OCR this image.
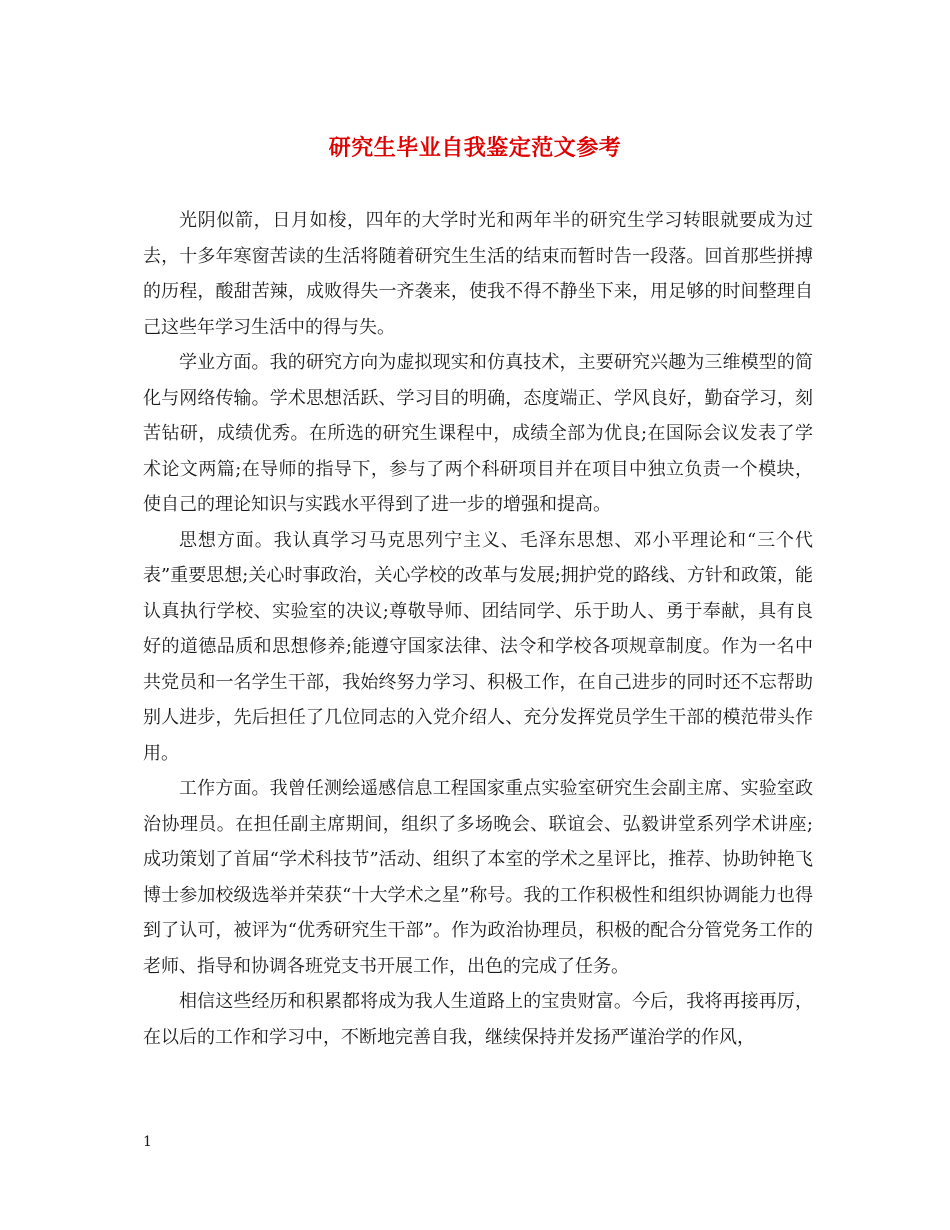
研究生毕业自我鉴定范文参考

光阴似箭，日月如梭，四年的大学时光和两年半的研究生学习转眼就要成为过去，十多年寒窗苦读的生活将随着研究生生活的结束而暂时告一段落。回首那些拼搏的历程，酸甜苦辣，成败得失一齐袭来，使我不得不静坐下来，用足够的时间整理自己这些年学习生活中的得与失。

学业方面。我的研究方向为虚拟现实和仿真技术，主要研究兴趣为三维模型的简化与网络传输。学术思想活跃、学习目的明确，态度端正、学风良好，勤奋学习，刻苦钻研，成绩优秀。在所选的研究生课程中，成绩全部为优良;在国际会议发表了学术论文两篇;在导师的指导下，参与了两个科研项目并在项目中独立负责一个模块，使自己的理论知识与实践水平得到了进一步的增强和提高。

思想方面。我认真学习马克思列宁主义、毛泽东思想、邓小平理论和“三个代表”重要思想;关心时事政治，关心学校的改革与发展;拥护党的路线、方针和政策，能认真执行学校、实验室的决议;尊敬导师、团结同学、乐于助人、勇于奉献，具有良好的道德品质和思想修养;能遵守国家法律、法令和学校各项规章制度。作为一名中共党员和一名学生干部，我始终努力学习、积极工作，在自己进步的同时还不忘帮助别人进步，先后担任了几位同志的入党介绍人、充分发挥党员学生干部的模范带头作用。

工作方面。我曾任测绘遥感信息工程国家重点实验室研究生会副主席、实验室政治协理员。在担任副主席期间，组织了多场晚会、联谊会、弘毅讲堂系列学术讲座;成功策划了首届“学术科技节”活动、组织了本室的学术之星评比，推荐、协助钟艳飞博士参加校级选举并荣获“十大学术之星”称号。我的工作积极性和组织协调能力也得到了认可，被评为“优秀研究生干部”。作为政治协理员，积极的配合分管党务工作的老师、指导和协调各班党支书开展工作，出色的完成了任务。

相信这些经历和积累都将成为我人生道路上的宝贵财富。今后，我将再接再厉，在以后的工作和学习中，不断地完善自我，继续保持并发扬严谨治学的作风，

1
